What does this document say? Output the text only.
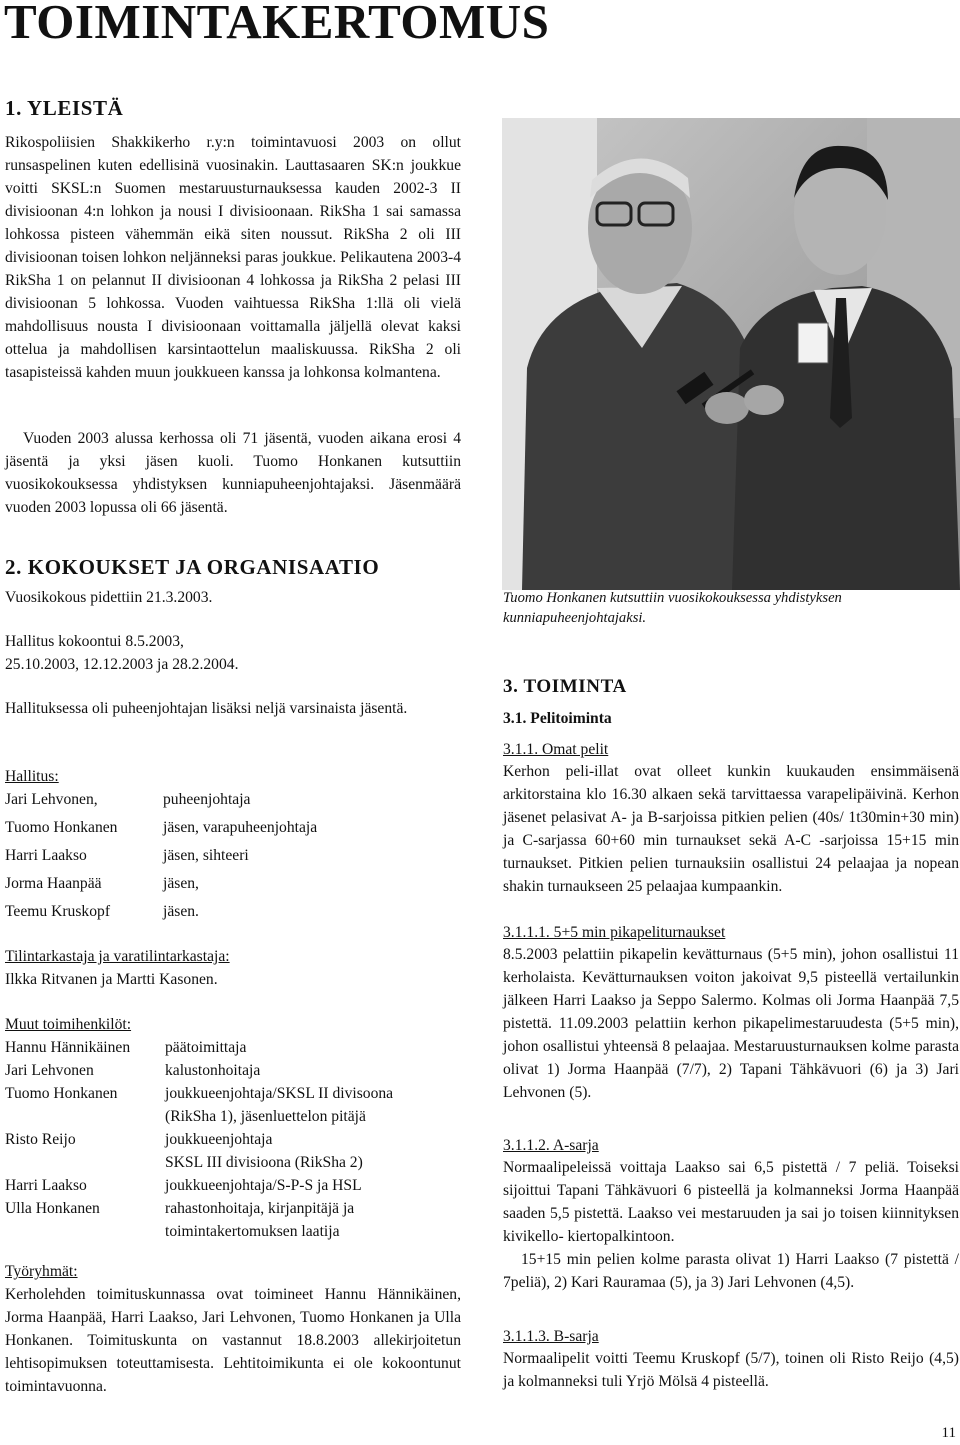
TOIMINTAKERTOMUS
1. YLEISTÄ

Rikospoliisien Shakkikerho r.y:n toimintavuosi 2003 on ollut runsaspelinen kuten edellisinä vuosinakin. Lauttasaaren SK:n joukkue voitti SKSL:n Suomen mestaruusturnauksessa kauden 2002-3 II divisioonan 4:n lohkon ja nousi I divisioonaan. RikSha 1 sai samassa lohkossa pisteen vähemmän eikä siten noussut. RikSha 2 oli III divisioonan toisen lohkon neljänneksi paras joukkue. Pelikautena 2003-4 RikSha 1 on pelannut II divisioonan 4 lohkossa ja RikSha 2 pelasi III divisioonan 5 lohkossa. Vuoden vaihtuessa RikSha 1:llä oli vielä mahdollisuus nousta I divisioonaan voittamalla jäljellä olevat kaksi ottelua ja mahdollisen karsintaottelun maaliskuussa. RikSha 2 oli tasapisteissä kahden muun joukkueen kanssa ja lohkonsa kolmantena.

Vuoden 2003 alussa kerhossa oli 71 jäsentä, vuoden aikana erosi 4 jäsentä ja yksi jäsen kuoli. Tuomo Honkanen kutsuttiin vuosikokouksessa yhdistyksen kunniapuheenjohtajaksi. Jäsenmäärä vuoden 2003 lopussa oli 66 jäsentä.

Tuomo Honkanen kutsuttiin vuosikokouksessa yhdistyksen kunniapuheenjohtajaksi.

2. KOKOUKSET JA ORGANISAATIO

Vuosikokous pidettiin 21.3.2003.

Hallitus kokoontui 8.5.2003,

25.10.2003, 12.12.2003 ja 28.2.2004.

Hallituksessa oli puheenjohtajan lisäksi neljä varsinaista jäsentä.

Hallitus:

Jari Lehvonen,	puheenjohtaja
Tuomo Honkanen	jäsen, varapuheenjohtaja
Harri Laakso	jäsen, sihteeri
Jorma Haanpää	jäsen,
Teemu Kruskopf	jäsen.

Tilintarkastaja ja varatilintarkastaja:

Ilkka Ritvanen ja Martti Kasonen.

Muut toimihenkilöt:

Hannu Hännikäinen päätoimittaja
Jari Lehvonen	kalustonhoitaja
Tuomo Honkanen	joukkueenjohtaja/SKSL II divisoona
(RikSha 1), jäsenluettelon pitäjä
Risto Reijo	joukkueenjohtaja
SKSL III divisioona (RikSha 2)
Harri Laakso	joukkueenjohtaja/S-P-S ja HSL
Ulla Honkanen	rahastonhoitaja, kirjanpitäjä ja
toimintakertomuksen laatija

Työryhmät:

Kerholehden toimituskunnassa ovat toimineet Hannu Hännikäinen, Jorma Haanpää, Harri Laakso, Jari Lehvonen, Tuomo Honkanen ja Ulla Honkanen. Toimituskunta on vastannut 18.8.2003 allekirjoitetun lehtisopimuksen toteuttamisesta. Lehtitoimikunta ei ole kokoontunut toimintavuonna.

3. TOIMINTA

3.1. Pelitoiminta

3.1.1. Omat pelit

Kerhon peli-illat ovat olleet kunkin kuukauden ensimmäisenä arkitorstaina klo 16.30 alkaen sekä tarvittaessa varapelipäivinä. Kerhon jäsenet pelasivat A- ja B-sarjoissa pitkien pelien (40s/ 1t30min+30 min) ja C-sarjassa 60+60 min turnaukset sekä A-C -sarjoissa 15+15 min turnaukset. Pitkien pelien turnauksiin osallistui 24 pelaajaa ja nopean shakin turnaukseen 25 pelaajaa kumpaankin.

3.1.1.1. 5+5 min pikapeliturnaukset

8.5.2003 pelattiin pikapelin kevätturnaus (5+5 min), johon osallistui 11 kerholaista. Kevätturnauksen voiton jakoivat 9,5 pisteellä vertailunkin jälkeen Harri Laakso ja Seppo Salermo. Kolmas oli Jorma Haanpää 7,5 pistettä. 11.09.2003 pelattiin kerhon pikapelimestaruudesta (5+5 min), johon osallistui yhteensä 8 pelaajaa. Mestaruusturnauksen kolme parasta olivat 1) Jorma Haanpää (7/7), 2) Tapani Tähkävuori (6) ja 3) Jari Lehvonen (5).

3.1.1.2. A-sarja

Normaalipeleissä voittaja Laakso sai 6,5 pistettä / 7 peliä. Toiseksi sijoittui Tapani Tähkävuori 6 pisteellä ja kolmanneksi Jorma Haanpää saaden 5,5 pistettä. Laakso vei mestaruuden ja sai jo toisen kiinnityksen kivikello- kiertopalkintoon.

15+15 min pelien kolme parasta olivat 1) Harri Laakso (7 pistettä / 7peliä), 2) Kari Rauramaa (5), ja 3) Jari Lehvonen (4,5).

3.1.1.3. B-sarja

Normaalipelit voitti Teemu Kruskopf (5/7), toinen oli Risto Reijo (4,5) ja kolmanneksi tuli Yrjö Mölsä 4 pisteellä.

11
